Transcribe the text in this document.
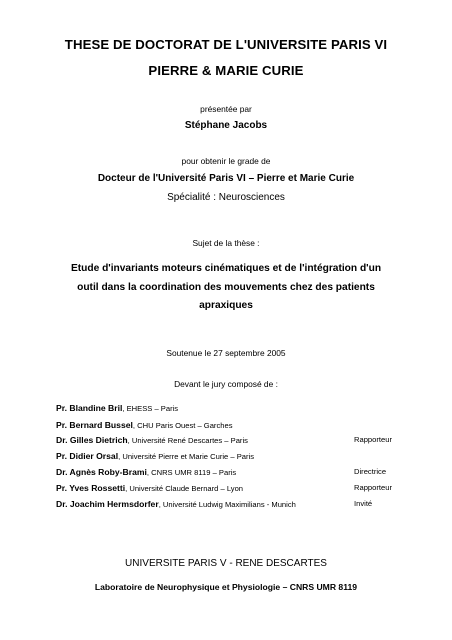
THESE DE DOCTORAT DE L'UNIVERSITE PARIS VI
PIERRE & MARIE CURIE
présentée par
Stéphane Jacobs
pour obtenir le grade de
Docteur de l'Université Paris VI – Pierre et Marie Curie
Spécialité : Neurosciences
Sujet de la thèse :
Etude d'invariants moteurs cinématiques et de l'intégration d'un
outil dans la coordination des mouvements chez des patients
apraxiques
Soutenue le 27 septembre 2005
Devant le jury composé de :
Pr. Blandine Bril, EHESS – Paris
Pr. Bernard Bussel, CHU Paris Ouest – Garches
Dr. Gilles Dietrich, Université René Descartes – Paris	Rapporteur
Pr. Didier Orsal, Université Pierre et Marie Curie – Paris
Dr. Agnès Roby-Brami, CNRS UMR 8119 – Paris	Directrice
Pr. Yves Rossetti, Université Claude Bernard – Lyon	Rapporteur
Dr. Joachim Hermsdorfer, Université Ludwig Maximilians - Munich	Invité
UNIVERSITE PARIS V - RENE DESCARTES
Laboratoire de Neurophysique et Physiologie – CNRS UMR 8119
